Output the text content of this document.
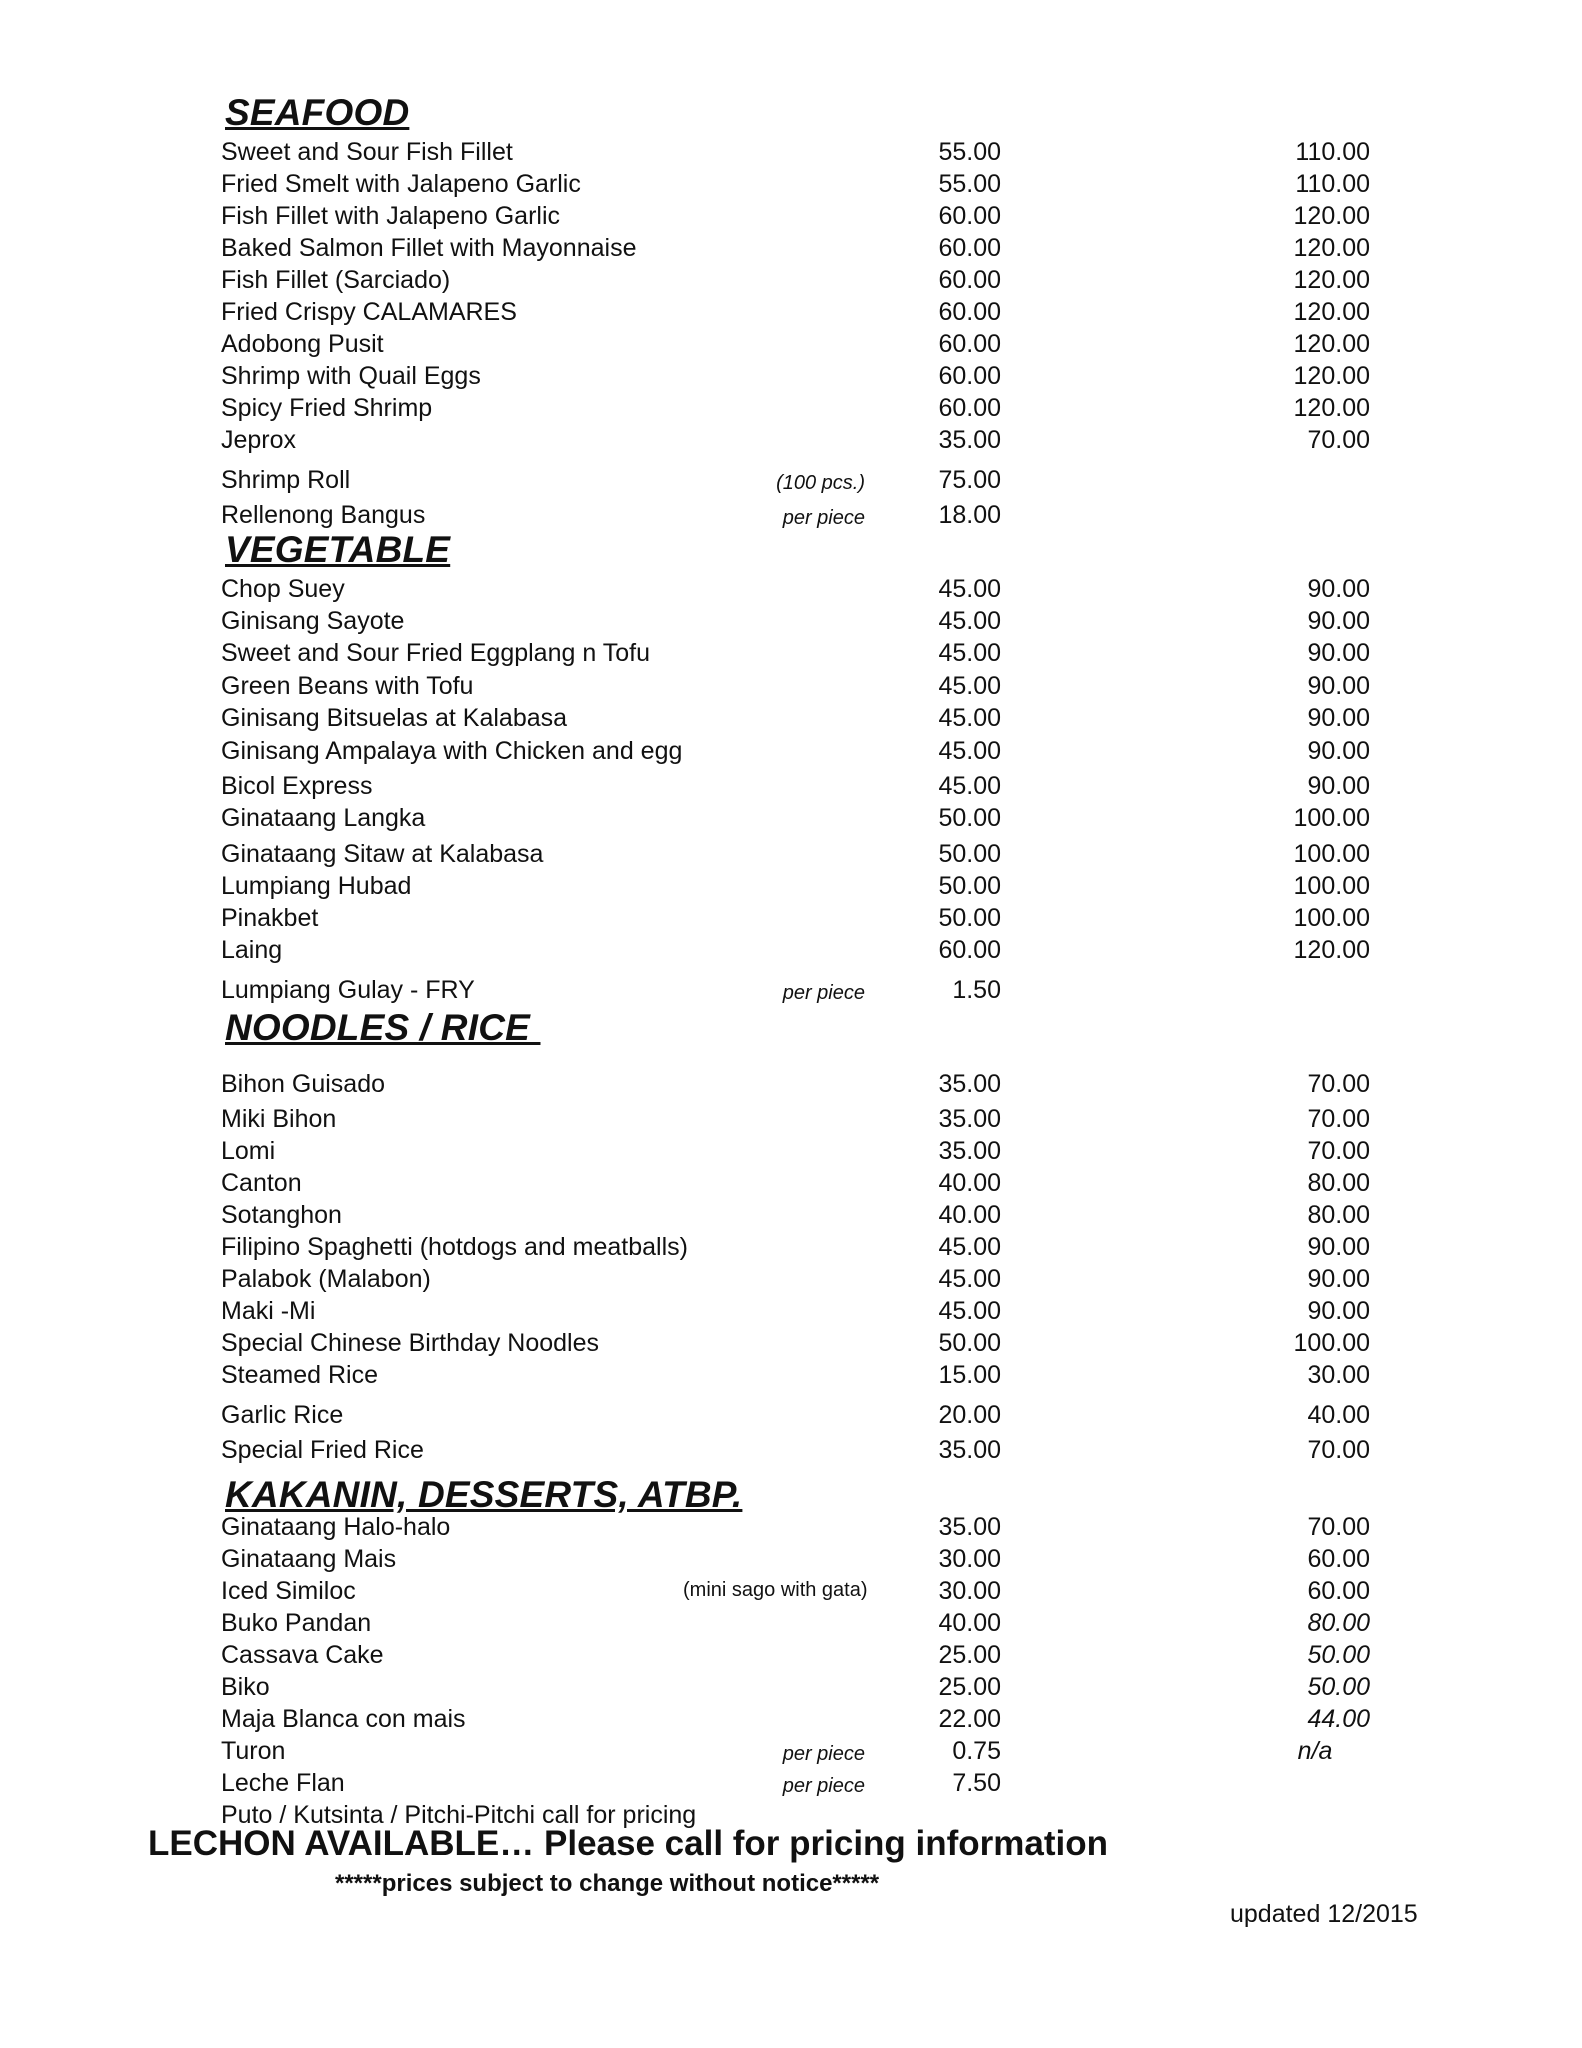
SEAFOOD
Sweet and Sour Fish Fillet	55.00	110.00
Fried Smelt with Jalapeno Garlic	55.00	110.00
Fish Fillet with Jalapeno Garlic	60.00	120.00
Baked Salmon Fillet with Mayonnaise	60.00	120.00
Fish Fillet (Sarciado)	60.00	120.00
Fried Crispy CALAMARES	60.00	120.00
Adobong Pusit	60.00	120.00
Shrimp with Quail Eggs	60.00	120.00
Spicy Fried Shrimp	60.00	120.00
Jeprox	35.00	70.00
Shrimp Roll	(100 pcs.)	75.00
Rellenong Bangus	per piece	18.00
VEGETABLE
Chop Suey	45.00	90.00
Ginisang Sayote	45.00	90.00
Sweet and Sour Fried Eggplang n Tofu	45.00	90.00
Green Beans with Tofu	45.00	90.00
Ginisang Bitsuelas at Kalabasa	45.00	90.00
Ginisang Ampalaya with Chicken and egg	45.00	90.00
Bicol Express	45.00	90.00
Ginataang Langka	50.00	100.00
Ginataang Sitaw at Kalabasa	50.00	100.00
Lumpiang Hubad	50.00	100.00
Pinakbet	50.00	100.00
Laing	60.00	120.00
Lumpiang Gulay - FRY	per piece	1.50
NOODLES / RICE
Bihon Guisado	35.00	70.00
Miki Bihon	35.00	70.00
Lomi	35.00	70.00
Canton	40.00	80.00
Sotanghon	40.00	80.00
Filipino Spaghetti (hotdogs and meatballs)	45.00	90.00
Palabok (Malabon)	45.00	90.00
Maki -Mi	45.00	90.00
Special Chinese Birthday Noodles	50.00	100.00
Steamed Rice	15.00	30.00
Garlic Rice	20.00	40.00
Special Fried Rice	35.00	70.00
KAKANIN, DESSERTS, ATBP.
Ginataang Halo-halo	35.00	70.00
Ginataang Mais	30.00	60.00
Iced Similoc	(mini sago with gata)	30.00	60.00
Buko Pandan	40.00	80.00
Cassava Cake	25.00	50.00
Biko	25.00	50.00
Maja Blanca con mais	22.00	44.00
Turon	per piece	0.75	n/a
Leche Flan	per piece	7.50
Puto / Kutsinta / Pitchi-Pitchi call for pricing
LECHON AVAILABLE… Please call for pricing information
*****prices subject to change without notice*****
updated 12/2015
